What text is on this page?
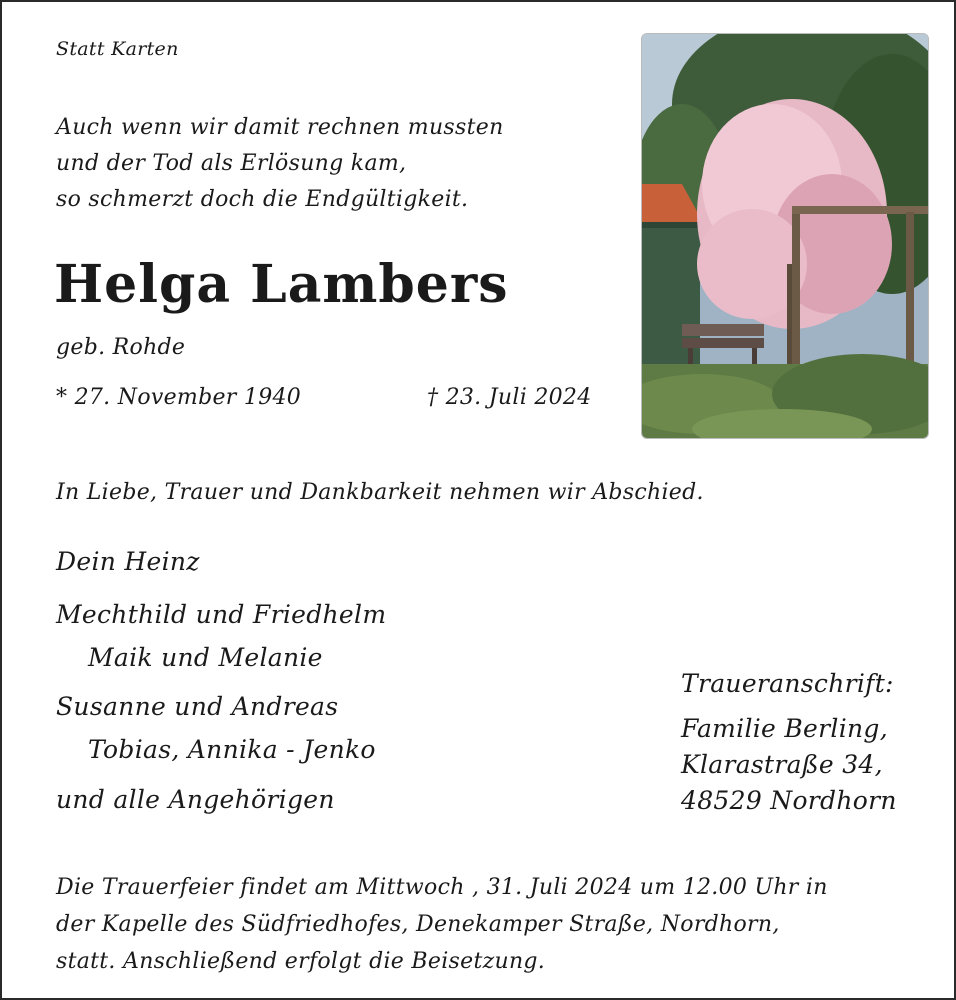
Statt Karten
Auch wenn wir damit rechnen mussten
und der Tod als Erlösung kam,
so schmerzt doch die Endgültigkeit.
Helga Lambers
geb. Rohde
* 27. November 1940	† 23. Juli 2024
In Liebe, Trauer und Dankbarkeit nehmen wir Abschied.
Dein Heinz
Mechthild und Friedhelm
Maik und Melanie
Susanne und Andreas
Tobias, Annika - Jenko
und alle Angehörigen
Traueranschrift:
Familie Berling,
Klarastraße 34,
48529 Nordhorn
Die Trauerfeier findet am Mittwoch , 31. Juli 2024 um 12.00 Uhr in
der Kapelle des Südfriedhofes, Denekamper Straße, Nordhorn,
statt. Anschließend erfolgt die Beisetzung.
